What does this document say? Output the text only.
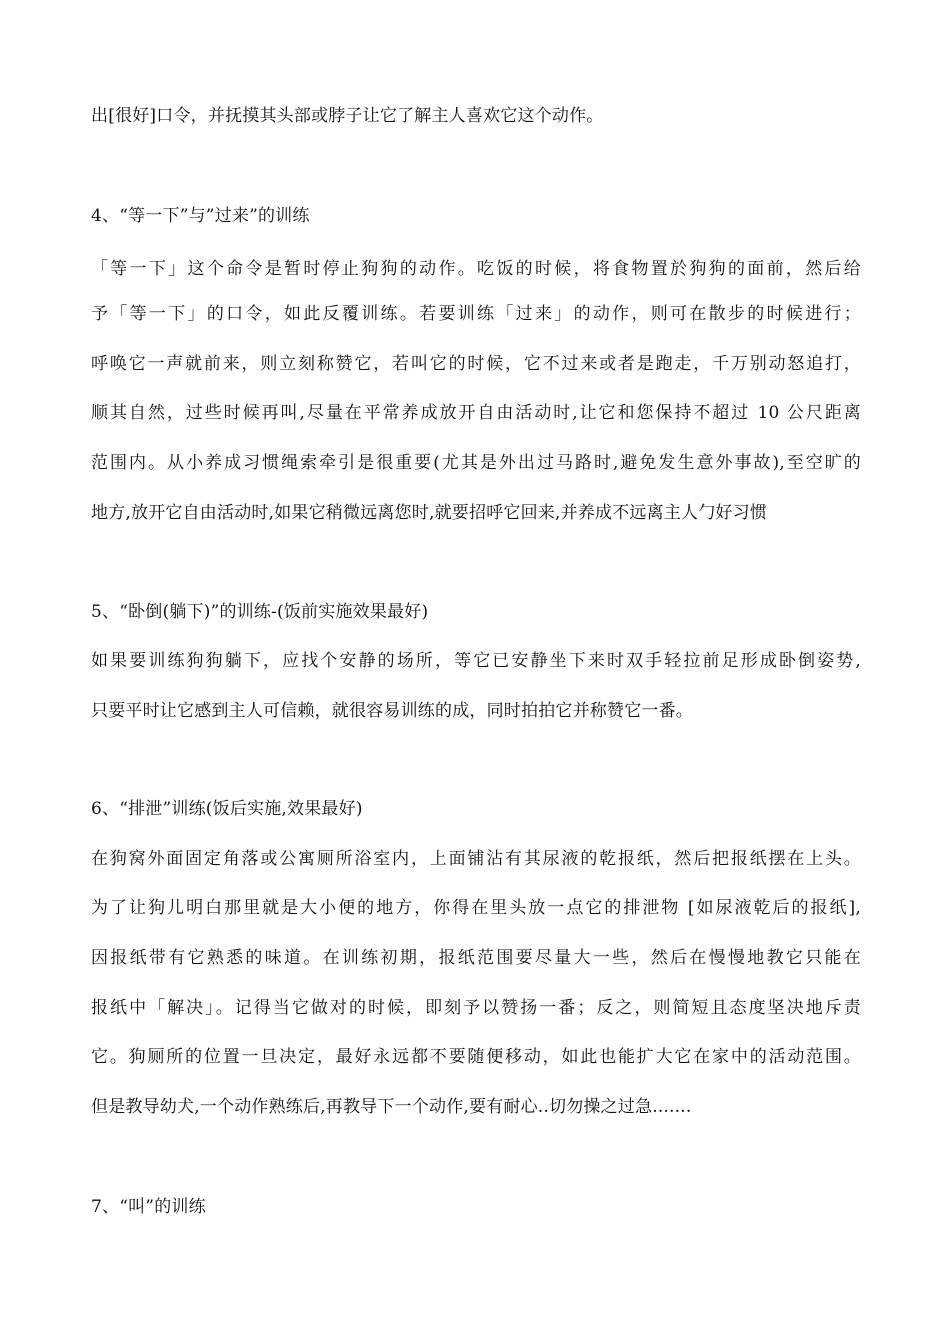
出[很好]口令，并抚摸其头部或脖子让它了解主人喜欢它这个动作。
4、“等一下”与”过来”的训练
「等一下」这个命令是暂时停止狗狗的动作。吃饭的时候，将食物置於狗狗的面前，然后给
予「等一下」的口令，如此反覆训练。若要训练「过来」的动作，则可在散步的时候进行；
呼唤它一声就前来，则立刻称赞它，若叫它的时候，它不过来或者是跑走，千万别动怒追打，
顺其自然，过些时候再叫,尽量在平常养成放开自由活动时,让它和您保持不超过 10 公尺距离
范围内。从小养成习惯绳索牵引是很重要(尤其是外出过马路时,避免发生意外事故),至空旷的
地方,放开它自由活动时,如果它稍微远离您时,就要招呼它回来,并养成不远离主人勹好习惯
5、“卧倒(躺下)”的训练-(饭前实施效果最好)
如果要训练狗狗躺下，应找个安静的场所，等它已安静坐下来时双手轻拉前足形成卧倒姿势,
只要平时让它感到主人可信赖，就很容易训练的成，同时拍拍它并称赞它一番。
6、“排泄”训练(饭后实施,效果最好)
在狗窝外面固定角落或公寓厕所浴室内，上面铺沾有其尿液的乾报纸，然后把报纸摆在上头。
为了让狗儿明白那里就是大小便的地方，你得在里头放一点它的排泄物 [如尿液乾后的报纸],
因报纸带有它熟悉的味道。在训练初期，报纸范围要尽量大一些，然后在慢慢地教它只能在
报纸中「解决」。记得当它做对的时候，即刻予以赞扬一番；反之，则简短且态度坚决地斥责
它。狗厕所的位置一旦决定，最好永远都不要随便移动，如此也能扩大它在家中的活动范围。
但是教导幼犬,一个动作熟练后,再教导下一个动作,要有耐心..切勿操之过急.......
7、“叫”的训练
